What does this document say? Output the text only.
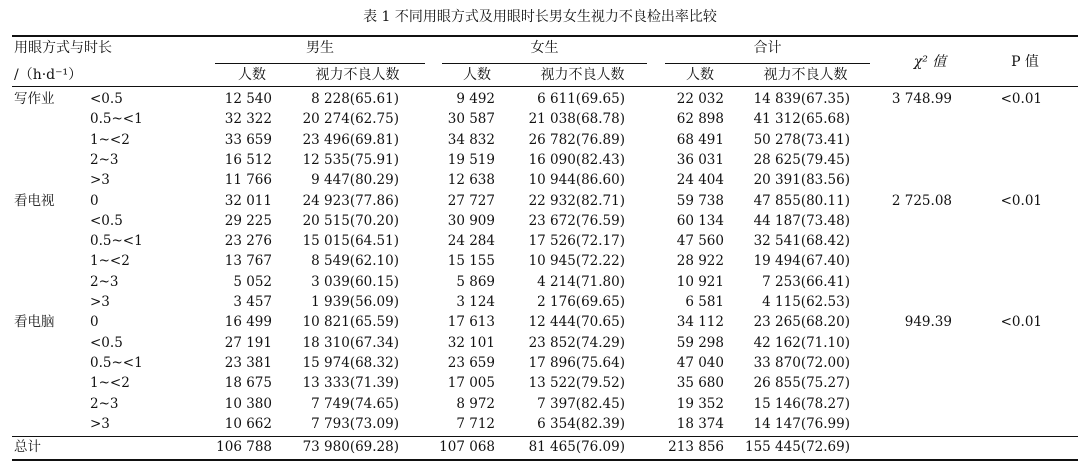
表 1 不同用眼方式及用眼时长男女生视力不良检出率比较
用眼方式与时长
/（h·d⁻¹）
男生	女生	合计
人数	视力不良人数	人数	视力不良人数	人数	视力不良人数
χ² 值	P 值
写作业	<0.5	12 540	8 228(65.61)	9 492	6 611(69.65)	22 032	14 839(67.35)	3 748.99	<0.01
0.5~<1	32 322	20 274(62.75)	30 587	21 038(68.78)	62 898	41 312(65.68)
1~<2	33 659	23 496(69.81)	34 832	26 782(76.89)	68 491	50 278(73.41)
2~3	16 512	12 535(75.91)	19 519	16 090(82.43)	36 031	28 625(79.45)
>3	11 766	9 447(80.29)	12 638	10 944(86.60)	24 404	20 391(83.56)
看电视	0	32 011	24 923(77.86)	27 727	22 932(82.71)	59 738	47 855(80.11)	2 725.08	<0.01
<0.5	29 225	20 515(70.20)	30 909	23 672(76.59)	60 134	44 187(73.48)
0.5~<1	23 276	15 015(64.51)	24 284	17 526(72.17)	47 560	32 541(68.42)
1~<2	13 767	8 549(62.10)	15 155	10 945(72.22)	28 922	19 494(67.40)
2~3	5 052	3 039(60.15)	5 869	4 214(71.80)	10 921	7 253(66.41)
>3	3 457	1 939(56.09)	3 124	2 176(69.65)	6 581	4 115(62.53)
看电脑	0	16 499	10 821(65.59)	17 613	12 444(70.65)	34 112	23 265(68.20)	949.39	<0.01
<0.5	27 191	18 310(67.34)	32 101	23 852(74.29)	59 298	42 162(71.10)
0.5~<1	23 381	15 974(68.32)	23 659	17 896(75.64)	47 040	33 870(72.00)
1~<2	18 675	13 333(71.39)	17 005	13 522(79.52)	35 680	26 855(75.27)
2~3	10 380	7 749(74.65)	8 972	7 397(82.45)	19 352	15 146(78.27)
>3	10 662	7 793(73.09)	7 712	6 354(82.39)	18 374	14 147(76.99)
总计	106 788	73 980(69.28)	107 068	81 465(76.09)	213 856	155 445(72.69)
